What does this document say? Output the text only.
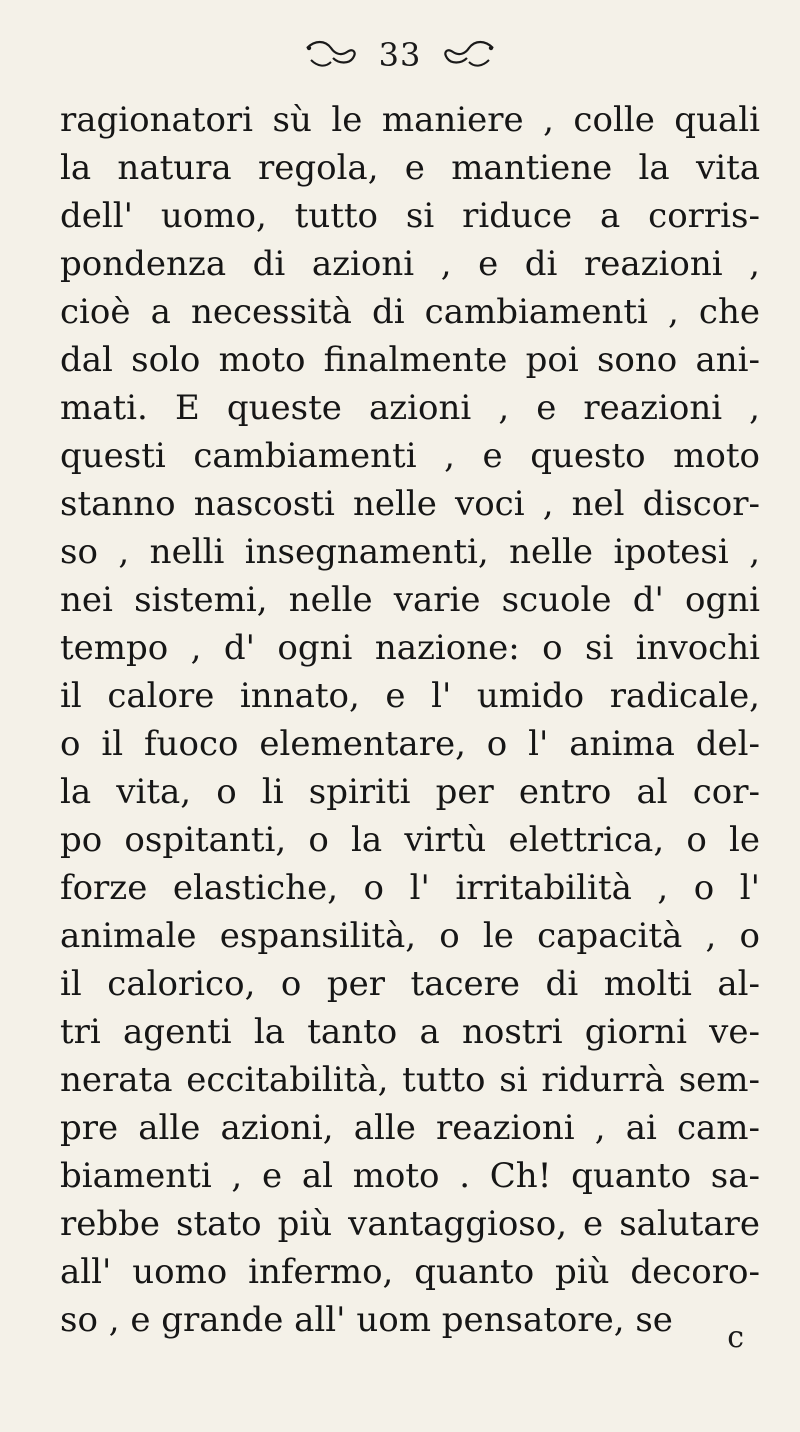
33
ragionatori sù le maniere , colle quali
la natura regola, e mantiene la vita
dell' uomo, tutto si riduce a corris-
pondenza di azioni , e di reazioni ,
cioè a necessità di cambiamenti , che
dal solo moto finalmente poi sono ani-
mati. E queste azioni , e reazioni ,
questi cambiamenti , e questo moto
stanno nascosti nelle voci , nel discor-
so , nelli insegnamenti, nelle ipotesi ,
nei sistemi, nelle varie scuole d' ogni
tempo , d' ogni nazione: o si invochi
il calore innato, e l' umido radicale,
o il fuoco elementare, o l' anima del-
la vita, o li spiriti per entro al cor-
po ospitanti, o la virtù elettrica, o le
forze elastiche, o l' irritabilità , o l'
animale espansilità, o le capacità , o
il calorico, o per tacere di molti al-
tri agenti la tanto a nostri giorni ve-
nerata eccitabilità, tutto si ridurrà sem-
pre alle azioni, alle reazioni , ai cam-
biamenti , e al moto . Ch! quanto sa-
rebbe stato più vantaggioso, e salutare
all' uomo infermo, quanto più decoro-
so , e grande all' uom pensatore, se	c
